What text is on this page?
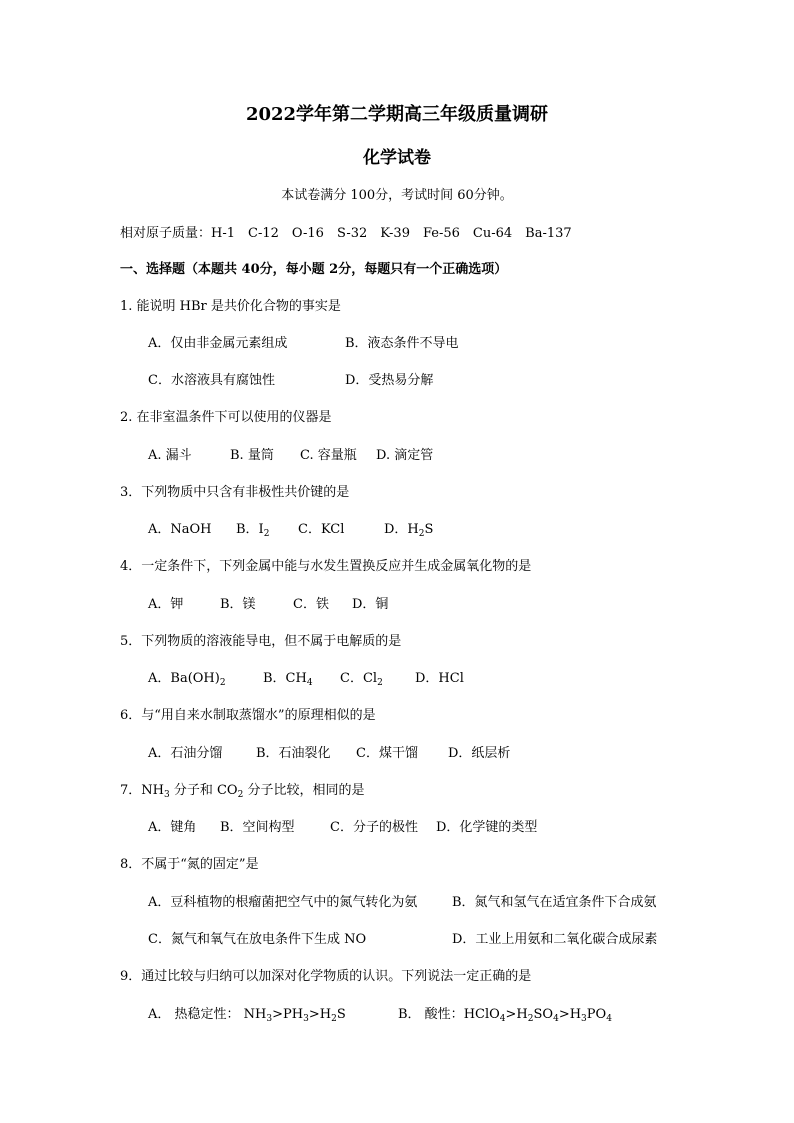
2022学年第二学期高三年级质量调研
化学试卷
本试卷满分 100分，考试时间 60分钟。
相对原子质量：H-1　C-12　O-16　S-32　K-39　Fe-56　Cu-64　Ba-137
一、选择题（本题共 40分，每小题 2分，每题只有一个正确选项）
1. 能说明 HBr 是共价化合物的事实是
A．仅由非金属元素组成	B．液态条件不导电
C．水溶液具有腐蚀性	D．受热易分解
2. 在非室温条件下可以使用的仪器是
A. 漏斗	B. 量筒 C. 容量瓶 D. 滴定管
3．下列物质中只含有非极性共价键的是
A．NaOH B．$I_2$ C．KCl	D．$H_2S$
4．一定条件下，下列金属中能与水发生置换反应并生成金属氧化物的是
A．钾	B．镁	C．铁 D．铜
5．下列物质的溶液能导电，但不属于电解质的是
A．$Ba(OH)_2$	B．$CH_4$ C．$Cl_2$ D．HCl
6．与“用自来水制取蒸馏水”的原理相似的是
A．石油分馏	B．石油裂化 C．煤干馏 D．纸层析
7．$NH_3$ 分子和 $CO_2$ 分子比较，相同的是
A．键角 B．空间构型	C．分子的极性 D．化学键的类型
8．不属于“氮的固定”是
A．豆科植物的根瘤菌把空气中的氮气转化为氨	B．氮气和氢气在适宜条件下合成氨
C．氮气和氧气在放电条件下生成 NO	D．工业上用氨和二氧化碳合成尿素
9．通过比较与归纳可以加深对化学物质的认识。下列说法一定正确的是
A． 热稳定性： $NH_3>PH_3>H_2S$	B． 酸性：$HClO_4>H_2SO_4>H_3PO_4$
